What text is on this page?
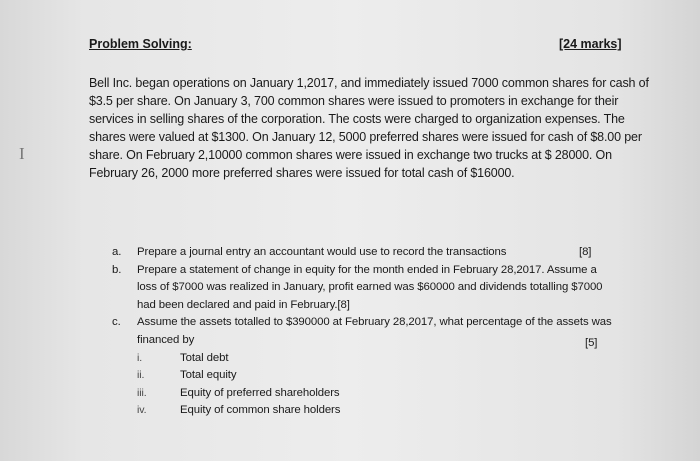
Problem Solving:	[24 marks]
I
Bell Inc. began operations on January 1,2017, and immediately issued 7000 common shares for cash of
$3.5 per share. On January 3, 700 common shares were issued to promoters in exchange for their
services in selling shares of the corporation. The costs were charged to organization expenses. The
shares were valued at $1300. On January 12, 5000 preferred shares were issued for cash of $8.00 per
share. On February 2,10000 common shares were issued in exchange two trucks at $ 28000. On
February 26, 2000 more preferred shares were issued for total cash of $16000.
a. Prepare a journal entry an accountant would use to record the transactions	[8]
b. Prepare a statement of change in equity for the month ended in February 28,2017. Assume a
loss of $7000 was realized in January, profit earned was $60000 and dividends totalling $7000
had been declared and paid in February.[8]
c. Assume the assets totalled to $390000 at February 28,2017, what percentage of the assets was
financed by	[5]
i.	Total debt
ii.	Total equity
iii.	Equity of preferred shareholders
iv.	Equity of common share holders
